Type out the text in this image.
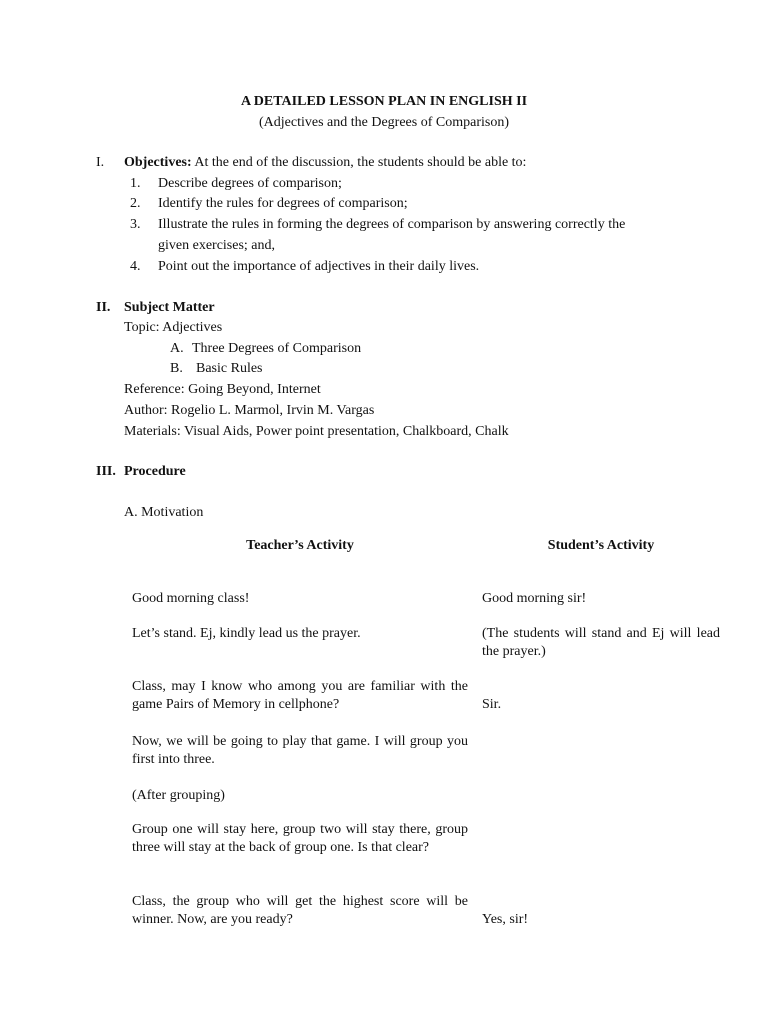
A DETAILED LESSON PLAN IN ENGLISH II
(Adjectives and the Degrees of Comparison)
I. Objectives: At the end of the discussion, the students should be able to:
1. Describe degrees of comparison;
2. Identify the rules for degrees of comparison;
3. Illustrate the rules in forming the degrees of comparison by answering correctly the
given exercises; and,
4. Point out the importance of adjectives in their daily lives.
II. Subject Matter
Topic: Adjectives
A. Three Degrees of Comparison
B. Basic Rules
Reference: Going Beyond, Internet
Author: Rogelio L. Marmol, Irvin M. Vargas
Materials: Visual Aids, Power point presentation, Chalkboard, Chalk
III. Procedure
A. Motivation
Teacher’s Activity	Student’s Activity
Good morning class!
Let’s stand. Ej, kindly lead us the prayer.
Class, may I know who among you are familiar with the game Pairs of Memory in cellphone?
Now, we will be going to play that game. I will group you first into three.
(After grouping)
Group one will stay here, group two will stay there, group three will stay at the back of group one. Is that clear?
Class, the group who will get the highest score will be winner. Now, are you ready?
Good morning sir!
(The students will stand and Ej will lead the prayer.)
Sir.
Yes, sir!
